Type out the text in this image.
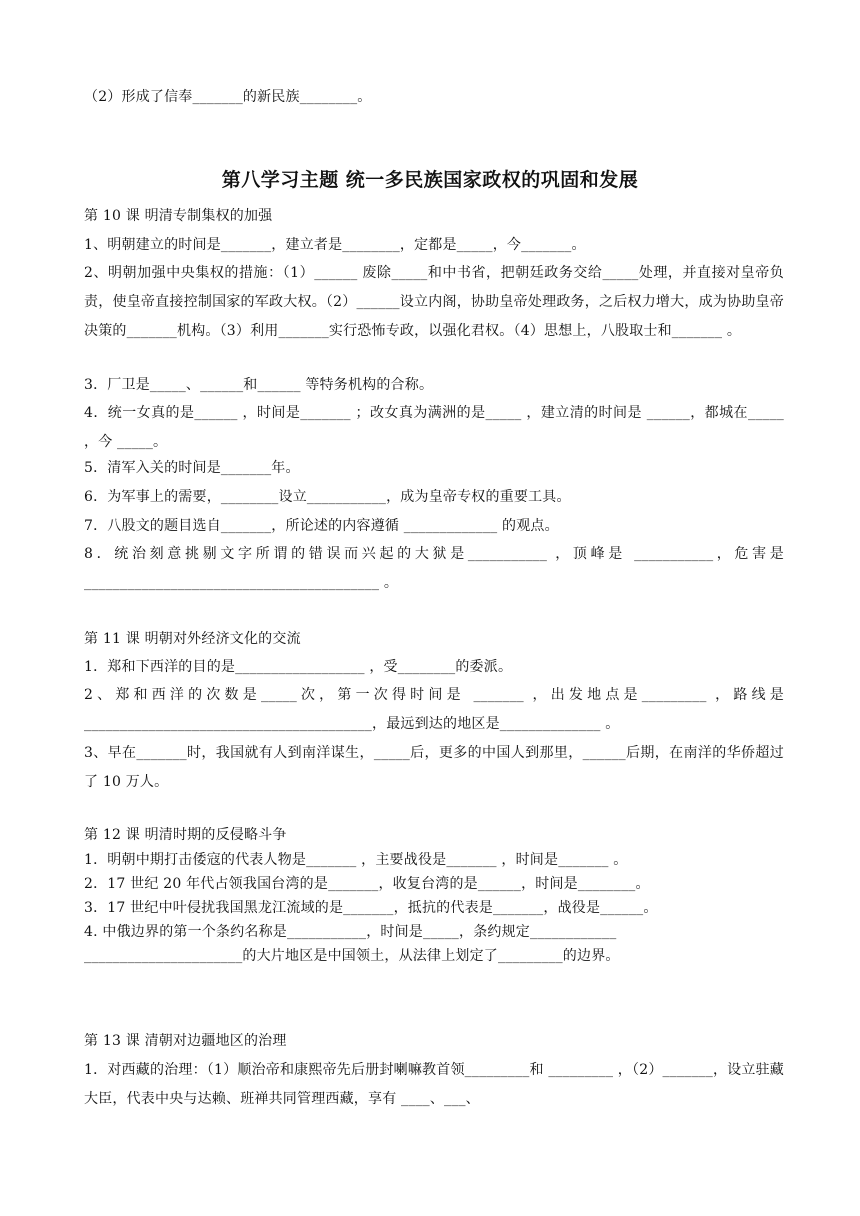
（2）形成了信奉_______的新民族________。
第八学习主题 统一多民族国家政权的巩固和发展
第 10 课 明清专制集权的加强
1、明朝建立的时间是_______，建立者是________，定都是_____，今_______。
2、明朝加强中央集权的措施：（1）______ 废除_____和中书省，把朝廷政务交给_____处理，并直接对皇帝负责，使皇帝直接控制国家的军政大权。（2）______设立内阁，协助皇帝处理政务，之后权力增大，成为协助皇帝决策的_______机构。（3）利用_______实行恐怖专政，以强化君权。（4）思想上，八股取士和_______ 。
3．厂卫是_____、______和______ 等特务机构的合称。
4．统一女真的是______ ，时间是_______ ；改女真为满洲的是_____ ，建立清的时间是 ______，都城在_____ ，今 _____。
5．清军入关的时间是_______年。
6．为军事上的需要，________设立___________，成为皇帝专权的重要工具。
7．八股文的题目选自_______，所论述的内容遵循 _____________ 的观点。
8．统治刻意挑剔文字所谓的错误而兴起的大狱是___________ ，顶峰是 ___________，危害是_________________________________________ 。
第 11 课 明朝对外经济文化的交流
1．郑和下西洋的目的是__________________ ，受________的委派。
2、郑和西洋的次数是_____次，第一次得时间是 _______ ，出发地点是_________ ，路线是________________________________________，最远到达的地区是______________ 。
3、早在_______时，我国就有人到南洋谋生，_____后，更多的中国人到那里，______后期，在南洋的华侨超过了 10 万人。
第 12 课 明清时期的反侵略斗争
1．明朝中期打击倭寇的代表人物是_______ ，主要战役是_______ ，时间是_______ 。
2．17 世纪 20 年代占领我国台湾的是_______，收复台湾的是______，时间是________。
3．17 世纪中叶侵扰我国黑龙江流域的是_______，抵抗的代表是_______，战役是______。
4. 中俄边界的第一个条约名称是___________，时间是_____，条约规定____________
______________________的大片地区是中国领土，从法律上划定了_________的边界。
第 13 课 清朝对边疆地区的治理
1．对西藏的治理：（1）顺治帝和康熙帝先后册封喇嘛教首领_________和 _________ ，（2）_______，设立驻藏大臣，代表中央与达赖、班禅共同管理西藏，享有 ____、___、
